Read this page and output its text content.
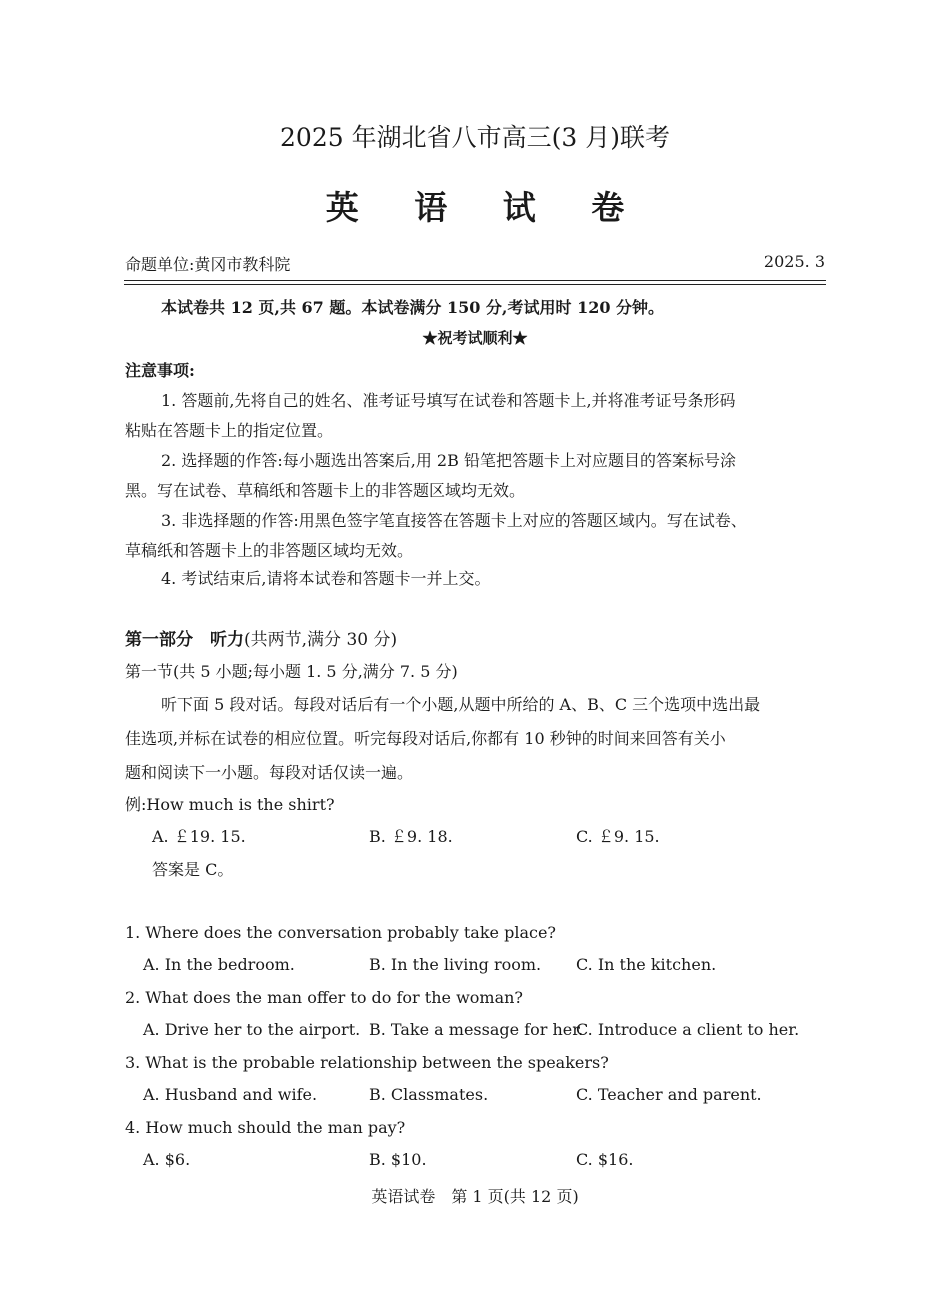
2025 年湖北省八市高三(3 月)联考
英 语 试 卷
命题单位:黄冈市教科院	2025. 3
本试卷共 12 页,共 67 题。本试卷满分 150 分,考试用时 120 分钟。
★祝考试顺利★
注意事项:
1. 答题前,先将自己的姓名、准考证号填写在试卷和答题卡上,并将准考证号条形码
粘贴在答题卡上的指定位置。
2. 选择题的作答:每小题选出答案后,用 2B 铅笔把答题卡上对应题目的答案标号涂
黑。写在试卷、草稿纸和答题卡上的非答题区域均无效。
3. 非选择题的作答:用黑色签字笔直接答在答题卡上对应的答题区域内。写在试卷、
草稿纸和答题卡上的非答题区域均无效。
4. 考试结束后,请将本试卷和答题卡一并上交。
第一部分　听力(共两节,满分 30 分)
第一节(共 5 小题;每小题 1. 5 分,满分 7. 5 分)
听下面 5 段对话。每段对话后有一个小题,从题中所给的 A、B、C 三个选项中选出最
佳选项,并标在试卷的相应位置。听完每段对话后,你都有 10 秒钟的时间来回答有关小
题和阅读下一小题。每段对话仅读一遍。
例:How much is the shirt?
A. ￡19. 15.	B. ￡9. 18.	C. ￡9. 15.
答案是 C。
1. Where does the conversation probably take place?
A. In the bedroom.	B. In the living room. C. In the kitchen.
2. What does the man offer to do for the woman?
A. Drive her to the airport. B. Take a message for her.
C. Introduce a client to her.
3. What is the probable relationship between the speakers?
A. Husband and wife.	B. Classmates.	C. Teacher and parent.
4. How much should the man pay?
A. $6.	B. $10.	C. $16.
英语试卷　第 1 页(共 12 页)
